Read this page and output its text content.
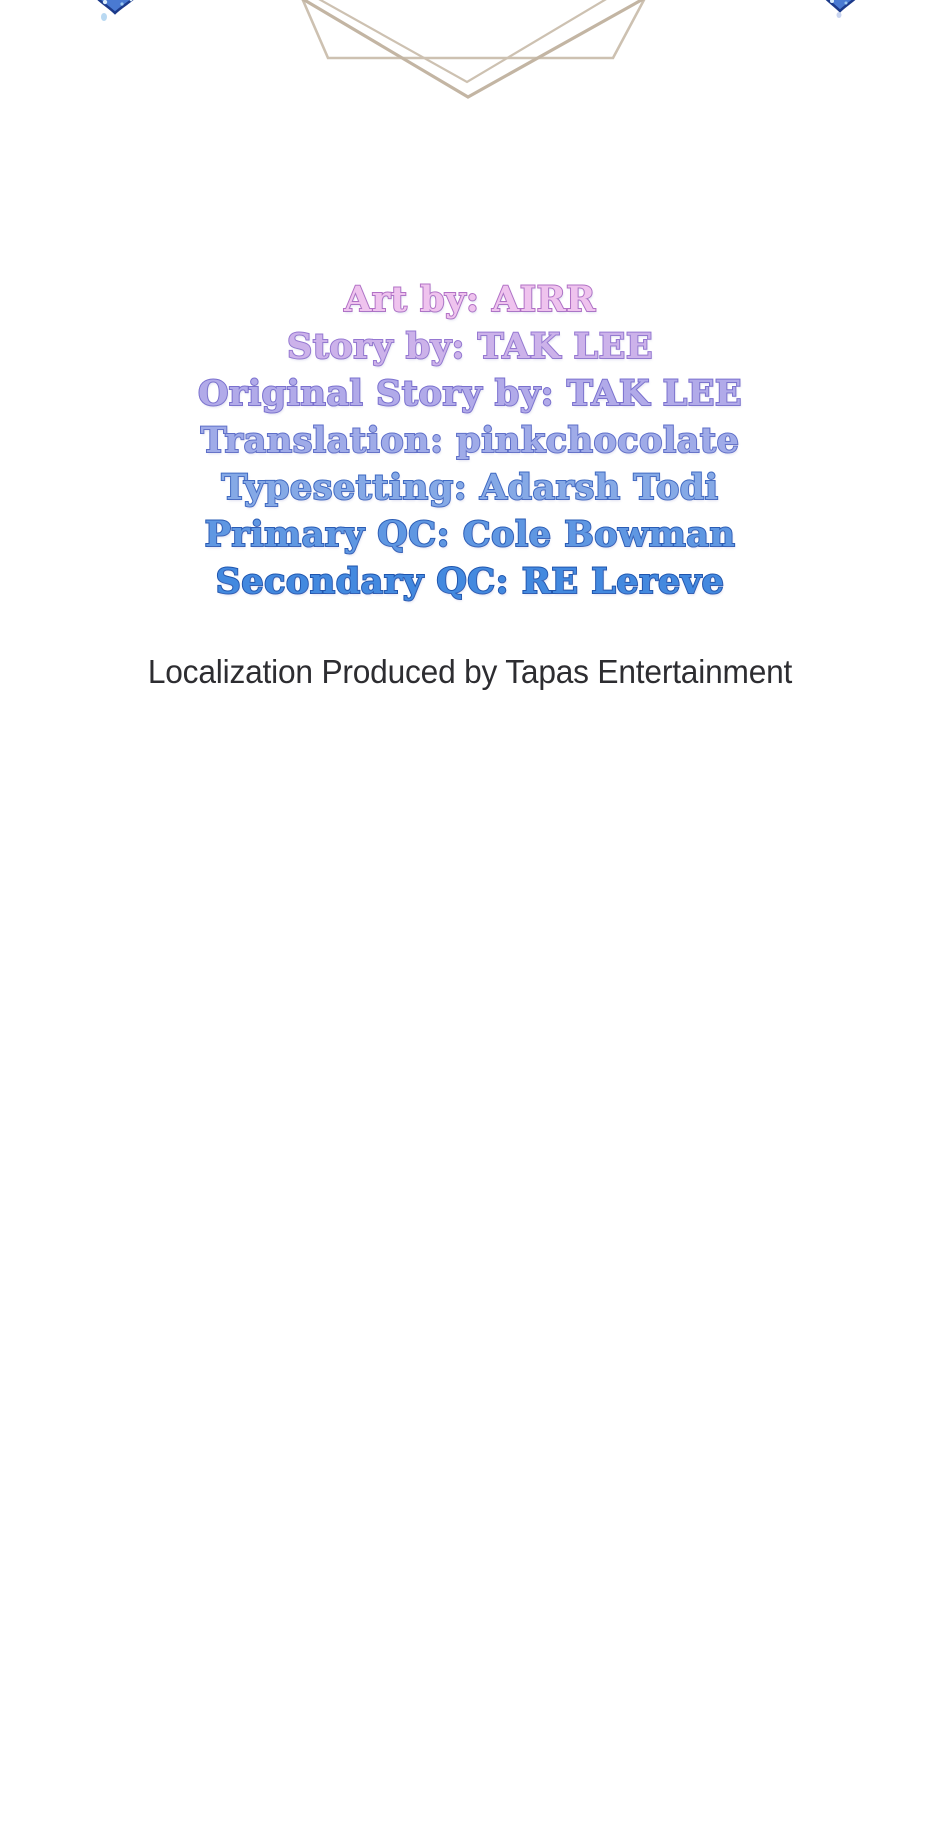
Art by: AIRR
Story by: TAK LEE
Original Story by: TAK LEE
Translation: pinkchocolate
Typesetting: Adarsh Todi
Primary QC: Cole Bowman
Secondary QC: RE Lereve
Localization Produced by Tapas Entertainment
